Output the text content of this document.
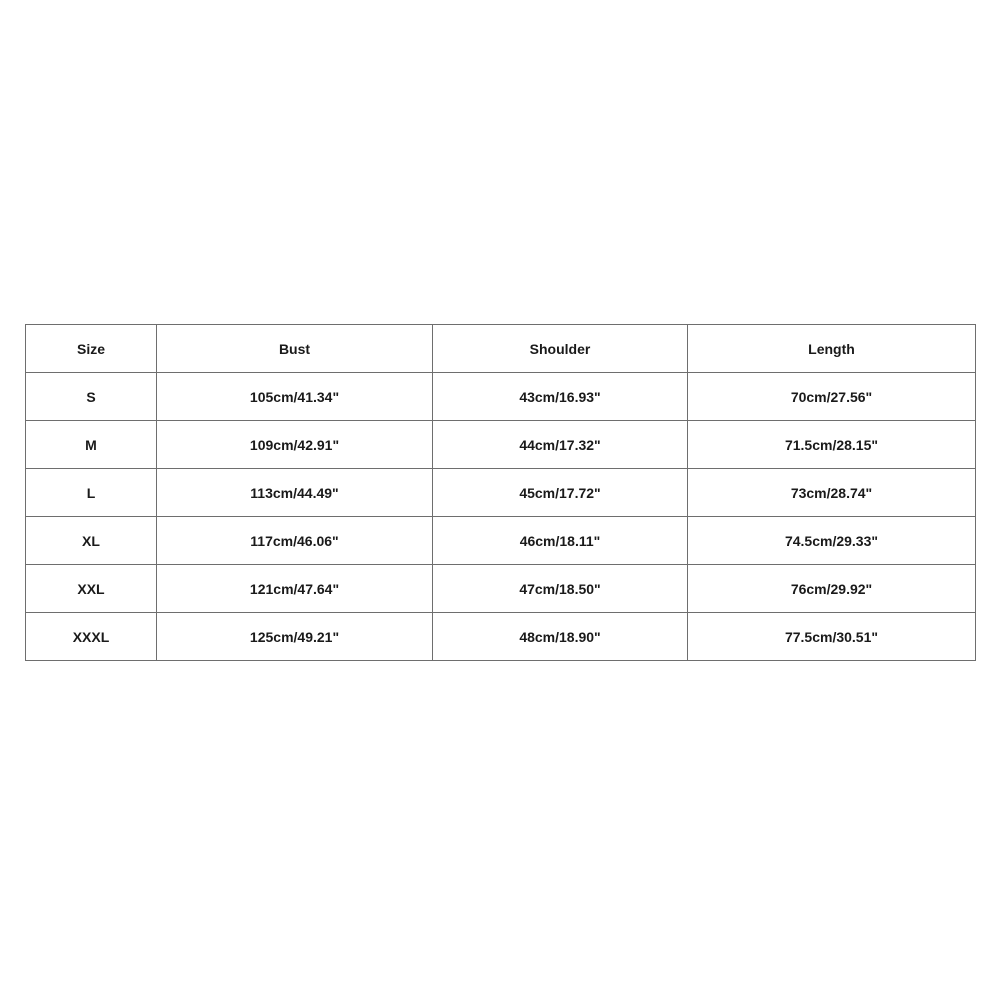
Size	Bust	Shoulder	Length
S	105cm/41.34"	43cm/16.93"	70cm/27.56"
M	109cm/42.91"	44cm/17.32"	71.5cm/28.15"
L	113cm/44.49"	45cm/17.72"	73cm/28.74"
XL	117cm/46.06"	46cm/18.11"	74.5cm/29.33"
XXL	121cm/47.64"	47cm/18.50"	76cm/29.92"
XXXL	125cm/49.21"	48cm/18.90"	77.5cm/30.51"
